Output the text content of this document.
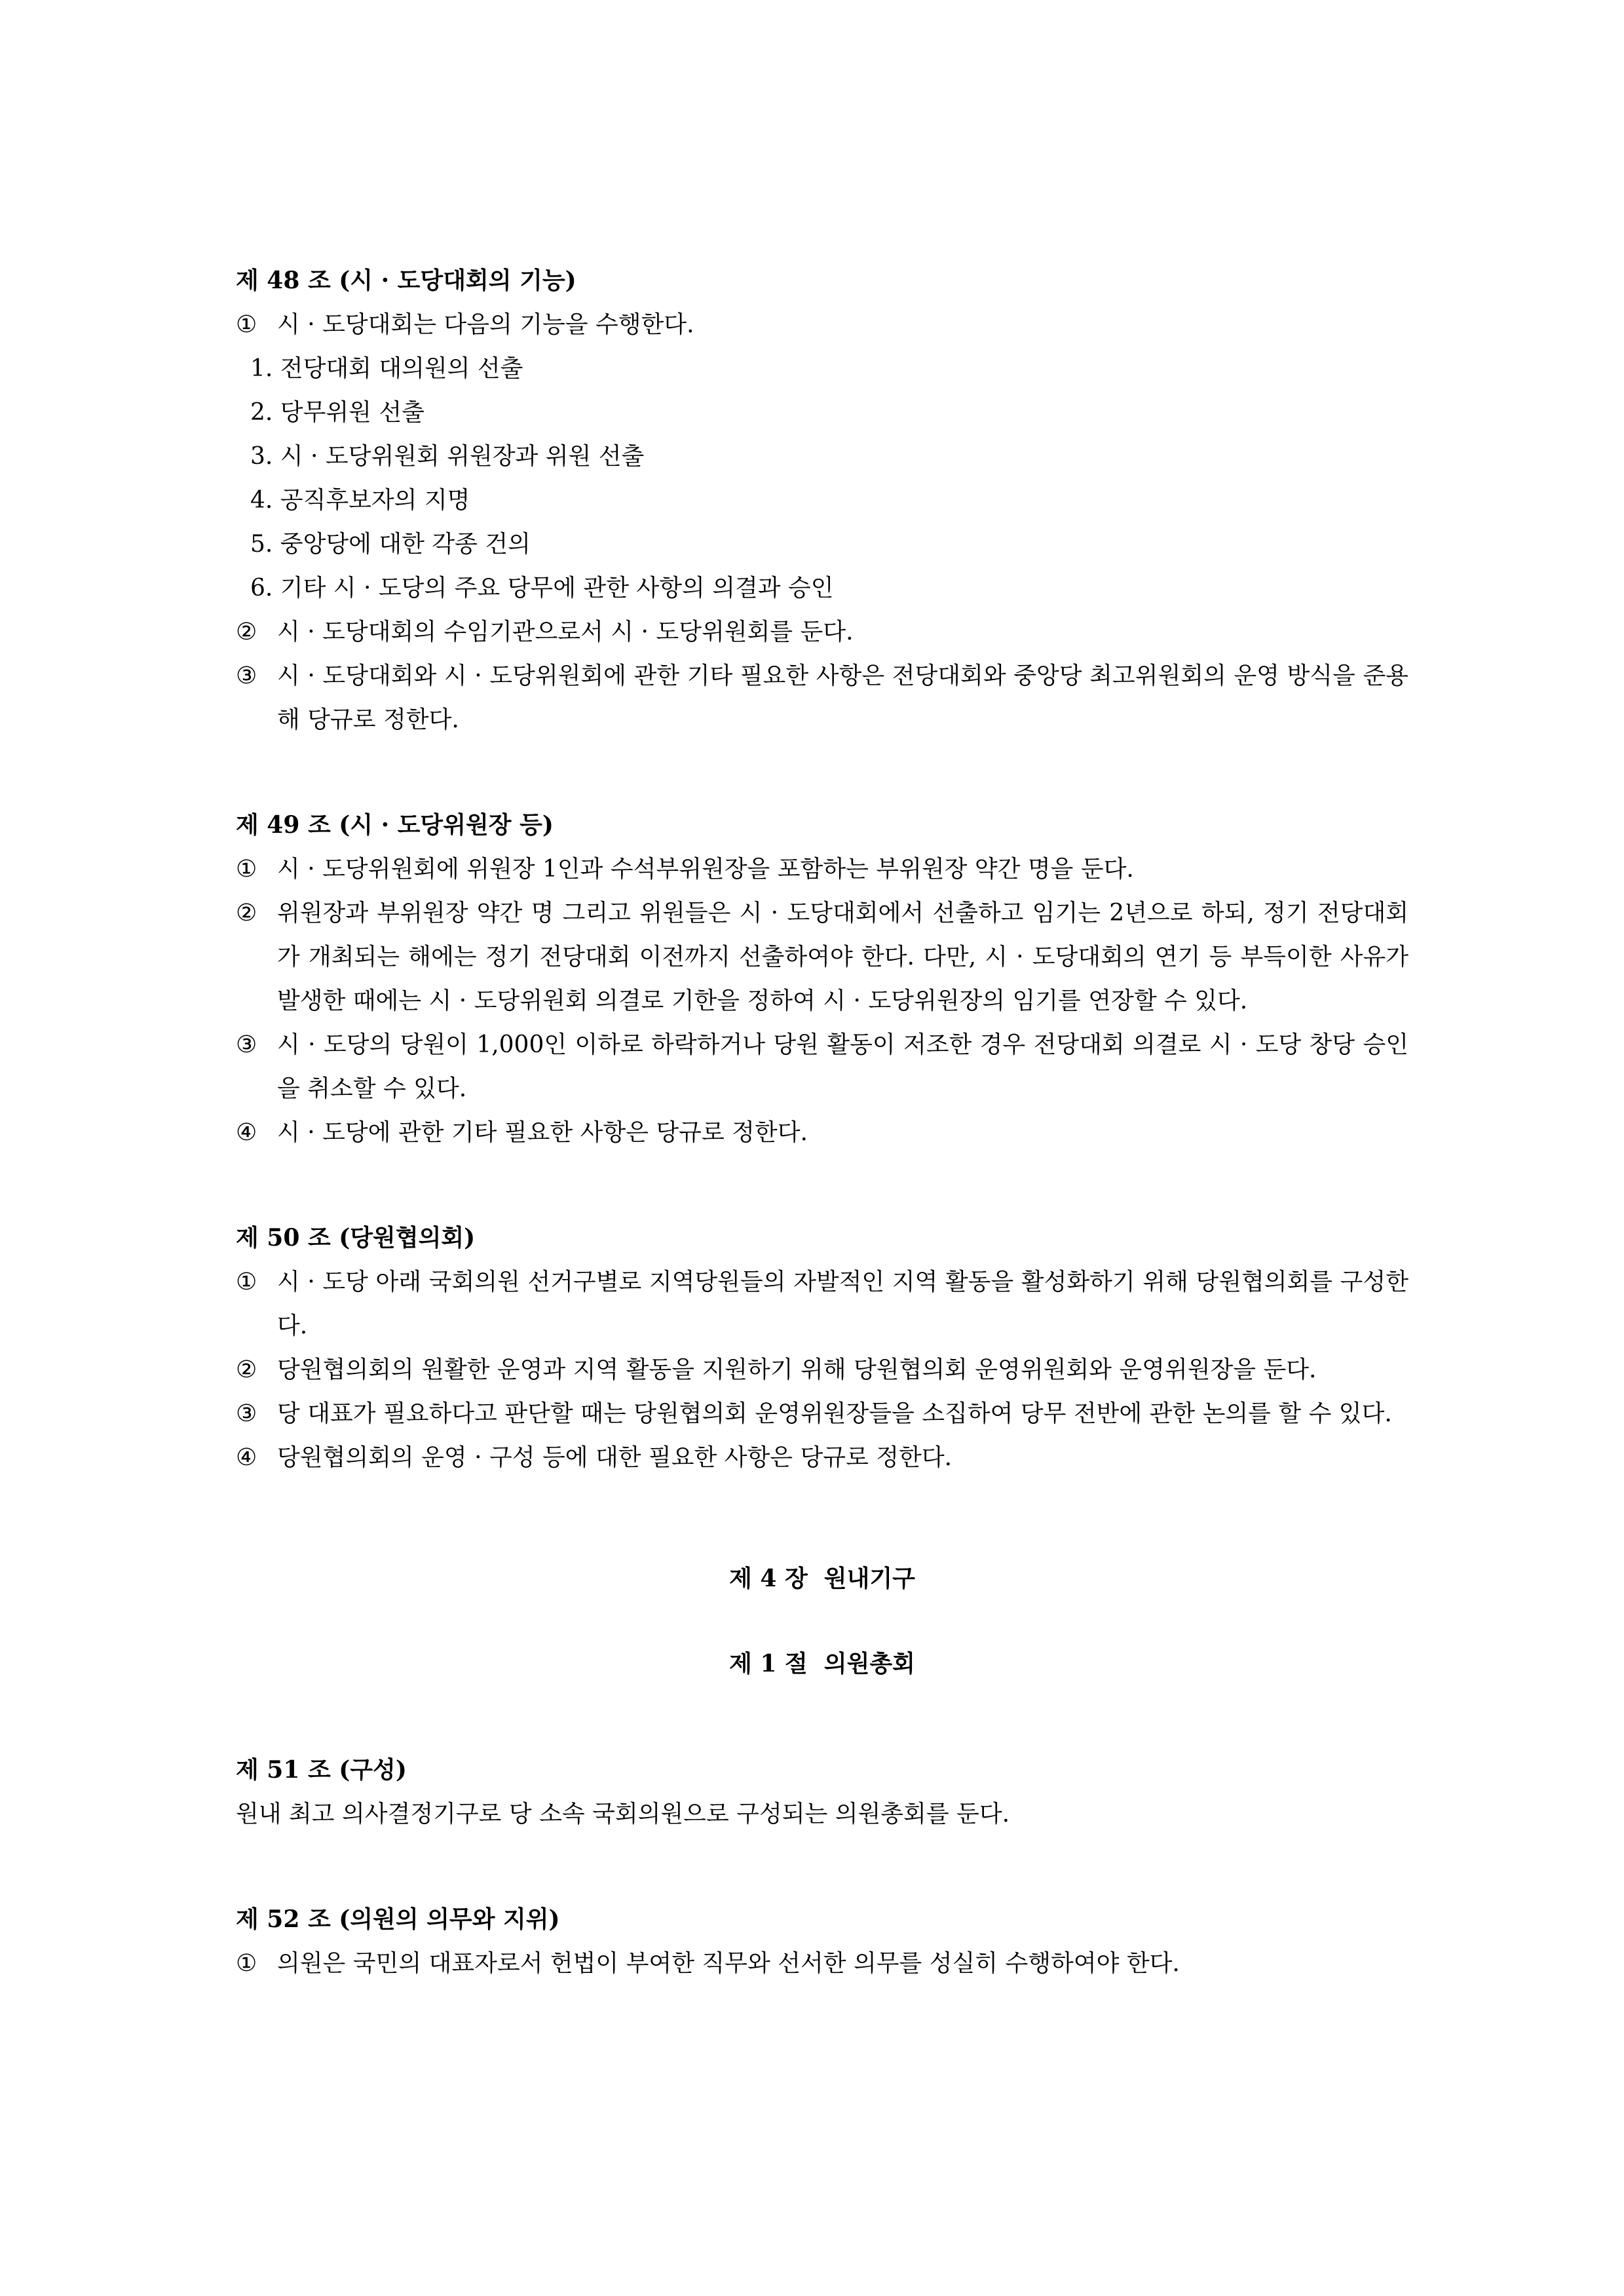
제 48 조 (시 · 도당대회의 기능)
① 시 · 도당대회는 다음의 기능을 수행한다.
1. 전당대회 대의원의 선출
2. 당무위원 선출
3. 시 · 도당위원회 위원장과 위원 선출
4. 공직후보자의 지명
5. 중앙당에 대한 각종 건의
6. 기타 시 · 도당의 주요 당무에 관한 사항의 의결과 승인
② 시 · 도당대회의 수임기관으로서 시 · 도당위원회를 둔다.
③ 시 · 도당대회와 시 · 도당위원회에 관한 기타 필요한 사항은 전당대회와 중앙당 최고위원회의 운영 방식을 준용해 당규로 정한다.
제 49 조 (시 · 도당위원장 등)
① 시 · 도당위원회에 위원장 1인과 수석부위원장을 포함하는 부위원장 약간 명을 둔다.
② 위원장과 부위원장 약간 명 그리고 위원들은 시 · 도당대회에서 선출하고 임기는 2년으로 하되, 정기 전당대회가 개최되는 해에는 정기 전당대회 이전까지 선출하여야 한다. 다만, 시 · 도당대회의 연기 등 부득이한 사유가 발생한 때에는 시 · 도당위원회 의결로 기한을 정하여 시 · 도당위원장의 임기를 연장할 수 있다.
③ 시 · 도당의 당원이 1,000인 이하로 하락하거나 당원 활동이 저조한 경우 전당대회 의결로 시 · 도당 창당 승인을 취소할 수 있다.
④ 시 · 도당에 관한 기타 필요한 사항은 당규로 정한다.
제 50 조 (당원협의회)
① 시 · 도당 아래 국회의원 선거구별로 지역당원들의 자발적인 지역 활동을 활성화하기 위해 당원협의회를 구성한다.
② 당원협의회의 원활한 운영과 지역 활동을 지원하기 위해 당원협의회 운영위원회와 운영위원장을 둔다.
③ 당 대표가 필요하다고 판단할 때는 당원협의회 운영위원장들을 소집하여 당무 전반에 관한 논의를 할 수 있다.
④ 당원협의회의 운영 · 구성 등에 대한 필요한 사항은 당규로 정한다.
제 4 장  원내기구
제 1 절  의원총회
제 51 조 (구성)
원내 최고 의사결정기구로 당 소속 국회의원으로 구성되는 의원총회를 둔다.
제 52 조 (의원의 의무와 지위)
① 의원은 국민의 대표자로서 헌법이 부여한 직무와 선서한 의무를 성실히 수행하여야 한다.
